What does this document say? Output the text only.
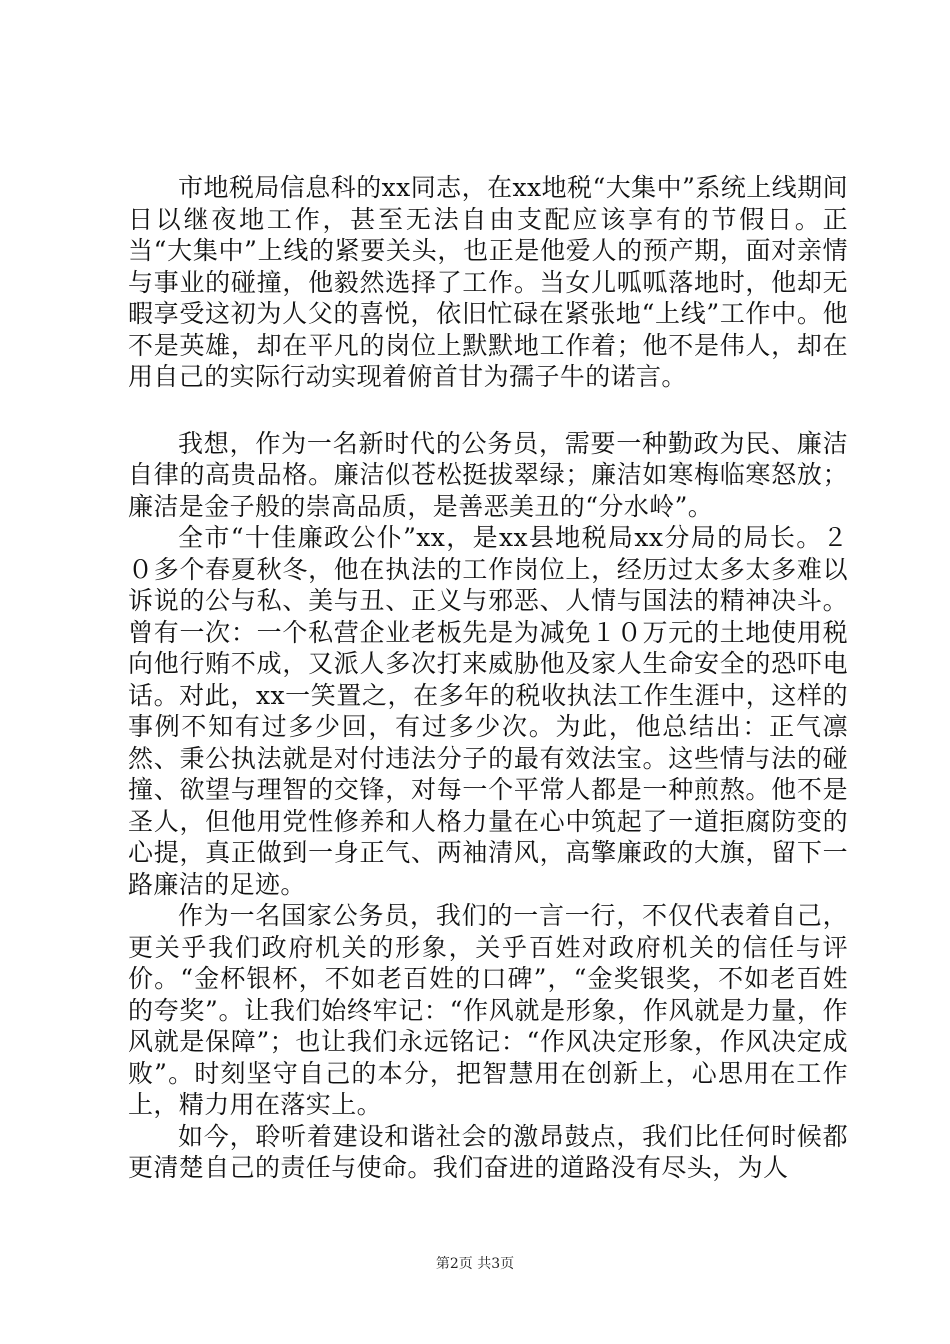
市地税局信息科的xx同志，在xx地税“大集中”系统上线期间日以继夜地工作，甚至无法自由支配应该享有的节假日。正当“大集中”上线的紧要关头，也正是他爱人的预产期，面对亲情与事业的碰撞，他毅然选择了工作。当女儿呱呱落地时，他却无暇享受这初为人父的喜悦，依旧忙碌在紧张地“上线”工作中。他不是英雄，却在平凡的岗位上默默地工作着；他不是伟人，却在用自己的实际行动实现着俯首甘为孺子牛的诺言。

我想，作为一名新时代的公务员，需要一种勤政为民、廉洁自律的高贵品格。廉洁似苍松挺拔翠绿；廉洁如寒梅临寒怒放；廉洁是金子般的崇高品质，是善恶美丑的“分水岭”。

全市“十佳廉政公仆”xx，是xx县地税局xx分局的局长。２０多个春夏秋冬，他在执法的工作岗位上，经历过太多太多难以诉说的公与私、美与丑、正义与邪恶、人情与国法的精神决斗。曾有一次：一个私营企业老板先是为减免１０万元的土地使用税向他行贿不成，又派人多次打来威胁他及家人生命安全的恐吓电话。对此，xx一笑置之，在多年的税收执法工作生涯中，这样的事例不知有过多少回，有过多少次。为此，他总结出：正气凛然、秉公执法就是对付违法分子的最有效法宝。这些情与法的碰撞、欲望与理智的交锋，对每一个平常人都是一种煎熬。他不是圣人，但他用党性修养和人格力量在心中筑起了一道拒腐防变的心提，真正做到一身正气、两袖清风，高擎廉政的大旗，留下一路廉洁的足迹。

作为一名国家公务员，我们的一言一行，不仅代表着自己，更关乎我们政府机关的形象，关乎百姓对政府机关的信任与评价。“金杯银杯，不如老百姓的口碑”，“金奖银奖，不如老百姓的夸奖”。让我们始终牢记：“作风就是形象，作风就是力量，作风就是保障”；也让我们永远铭记：“作风决定形象，作风决定成败”。时刻坚守自己的本分，把智慧用在创新上，心思用在工作上，精力用在落实上。

如今，聆听着建设和谐社会的激昂鼓点，我们比任何时候都更清楚自己的责任与使命。我们奋进的道路没有尽头，为人

第2页 共3页
